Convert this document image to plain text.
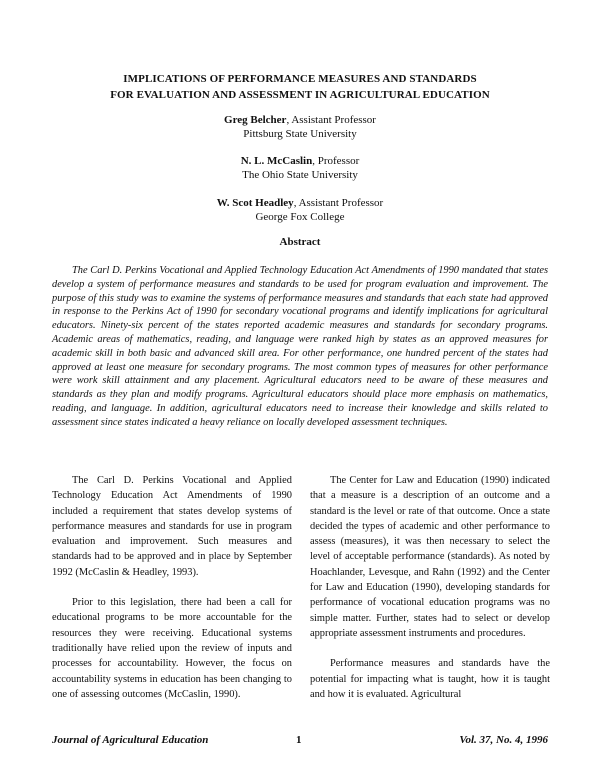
IMPLICATIONS OF PERFORMANCE MEASURES AND STANDARDS
FOR EVALUATION AND ASSESSMENT IN AGRICULTURAL EDUCATION
Greg Belcher, Assistant Professor
Pittsburg State University
N. L. McCaslin, Professor
The Ohio State University
W. Scot Headley, Assistant Professor
George Fox College
Abstract

The Carl D. Perkins Vocational and Applied Technology Education Act Amendments of 1990 mandated that states develop a system of performance measures and standards to be used for program evaluation and improvement. The purpose of this study was to examine the systems of performance measures and standards that each state had approved in response to the Perkins Act of 1990 for secondary vocational programs and identify implications for agricultural educators. Ninety-six percent of the states reported academic measures and standards for secondary programs. Academic areas of mathematics, reading, and language were ranked high by states as an approved measures for academic skill in both basic and advanced skill area. For other performance, one hundred percent of the states had approved at least one measure for secondary programs. The most common types of measures for other performance were work skill attainment and any placement. Agricultural educators need to be aware of these measures and standards as they plan and modify programs. Agricultural educators should place more emphasis on mathematics, reading, and language. In addition, agricultural educators need to increase their knowledge and skills related to assessment since states indicated a heavy reliance on locally developed assessment techniques.

The Carl D. Perkins Vocational and Applied Technology Education Act Amendments of 1990 included a requirement that states develop systems of performance measures and standards for use in program evaluation and improvement. Such measures and standards had to be approved and in place by September 1992 (McCaslin & Headley, 1993).

Prior to this legislation, there had been a call for educational programs to be more accountable for the resources they were receiving. Educational systems traditionally have relied upon the review of inputs and processes for accountability. However, the focus on accountability systems in education has been changing to one of assessing outcomes (McCaslin, 1990).

The Center for Law and Education (1990) indicated that a measure is a description of an outcome and a standard is the level or rate of that outcome. Once a state decided the types of academic and other performance to assess (measures), it was then necessary to select the level of acceptable performance (standards). As noted by Hoachlander, Levesque, and Rahn (1992) and the Center for Law and Education (1990), developing standards for performance of vocational education programs was no simple matter. Further, states had to select or develop appropriate assessment instruments and procedures.

Performance measures and standards have the potential for impacting what is taught, how it is taught and how it is evaluated. Agricultural

Journal of Agricultural Education	1	Vol. 37, No. 4, 1996
